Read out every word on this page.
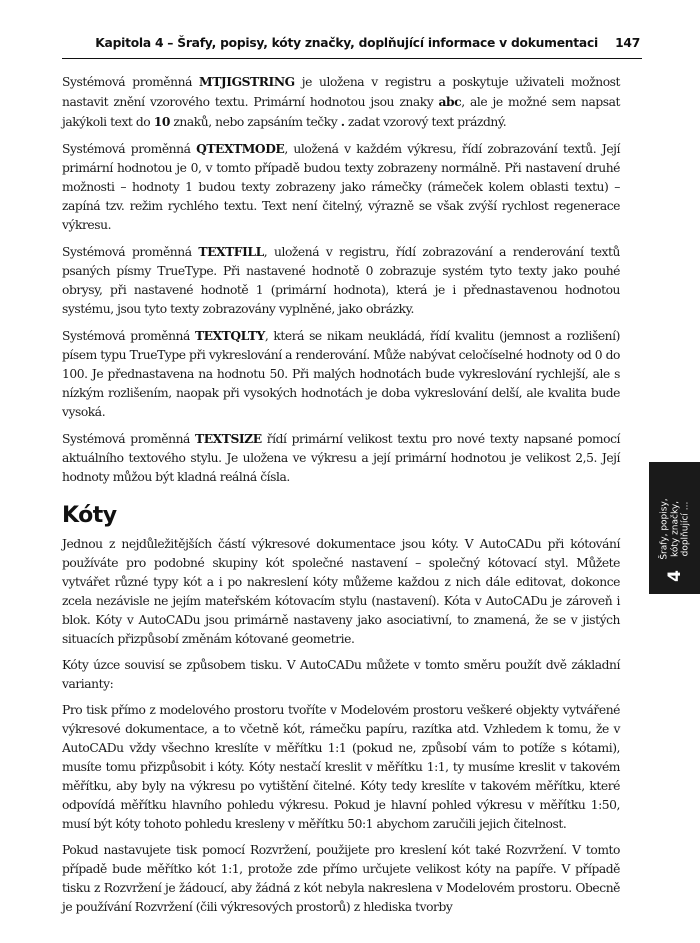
Kapitola 4 – Šrafy, popisy, kóty značky, doplňující informace v dokumentaci 147

Systémová proměnná MTJIGSTRING je uložena v registru a poskytuje uživateli možnost nastavit znění vzorového textu. Primární hodnotou jsou znaky abc, ale je možné sem napsat jakýkoli text do 10 znaků, nebo zapsáním tečky . zadat vzorový text prázdný.

Systémová proměnná QTEXTMODE, uložená v každém výkresu, řídí zobrazování textů. Její primární hodnotou je 0, v tomto případě budou texty zobrazeny normálně. Při nastavení druhé možnosti – hodnoty 1 budou texty zobrazeny jako rámečky (rámeček kolem oblasti textu) – zapíná tzv. režim rychlého textu. Text není čitelný, výrazně se však zvýší rychlost regenerace výkresu.

Systémová proměnná TEXTFILL, uložená v registru, řídí zobrazování a renderování textů psaných písmy TrueType. Při nastavené hodnotě 0 zobrazuje systém tyto texty jako pouhé obrysy, při nastavené hodnotě 1 (primární hodnota), která je i přednastavenou hodnotou systému, jsou tyto texty zobrazovány vyplněné, jako obrázky.

Systémová proměnná TEXTQLTY, která se nikam neukládá, řídí kvalitu (jemnost a rozlišení) písem typu TrueType při vykreslování a renderování. Může nabývat celočíselné hodnoty od 0 do 100. Je přednastavena na hodnotu 50. Při malých hodnotách bude vykreslování rychlejší, ale s nízkým rozlišením, naopak při vysokých hodnotách je doba vykreslování delší, ale kvalita bude vysoká.

Systémová proměnná TEXTSIZE řídí primární velikost textu pro nové texty napsané pomocí aktuálního textového stylu. Je uložena ve výkresu a její primární hodnotou je velikost 2,5. Její hodnoty můžou být kladná reálná čísla.

Kóty

Jednou z nejdůležitějších částí výkresové dokumentace jsou kóty. V AutoCADu při kótování používáte pro podobné skupiny kót společné nastavení – společný kótovací styl. Můžete vytvářet různé typy kót a i po nakreslení kóty můžeme každou z nich dále editovat, dokonce zcela nezávisle ne jejím mateřském kótovacím stylu (nastavení). Kóta v AutoCADu je zároveň i blok. Kóty v AutoCADu jsou primárně nastaveny jako asociativní, to znamená, že se v jistých situacích přizpůsobí změnám kótované geometrie.

Kóty úzce souvisí se způsobem tisku. V AutoCADu můžete v tomto směru použít dvě základní varianty:

Pro tisk přímo z modelového prostoru tvoříte v Modelovém prostoru veškeré objekty vytvářené výkresové dokumentace, a to včetně kót, rámečku papíru, razítka atd. Vzhledem k tomu, že v AutoCADu vždy všechno kreslíte v měřítku 1:1 (pokud ne, způsobí vám to potíže s kótami), musíte tomu přizpůsobit i kóty. Kóty nestačí kreslit v měřítku 1:1, ty musíme kreslit v takovém měřítku, aby byly na výkresu po vytištění čitelné. Kóty tedy kreslíte v takovém měřítku, které odpovídá měřítku hlavního pohledu výkresu. Pokud je hlavní pohled výkresu v měřítku 1:50, musí být kóty tohoto pohledu kresleny v měřítku 50:1 abychom zaručili jejich čitelnost.

Pokud nastavujete tisk pomocí Rozvržení, použijete pro kreslení kót také Rozvržení. V tomto případě bude měřítko kót 1:1, protože zde přímo určujete velikost kóty na papíře. V případě tisku z Rozvržení je žádoucí, aby žádná z kót nebyla nakreslena v Modelovém prostoru. Obecně je používání Rozvržení (čili výkresových prostorů) z hlediska tvorby

Šrafy, popisy, kóty značky, doplňující ...
4
